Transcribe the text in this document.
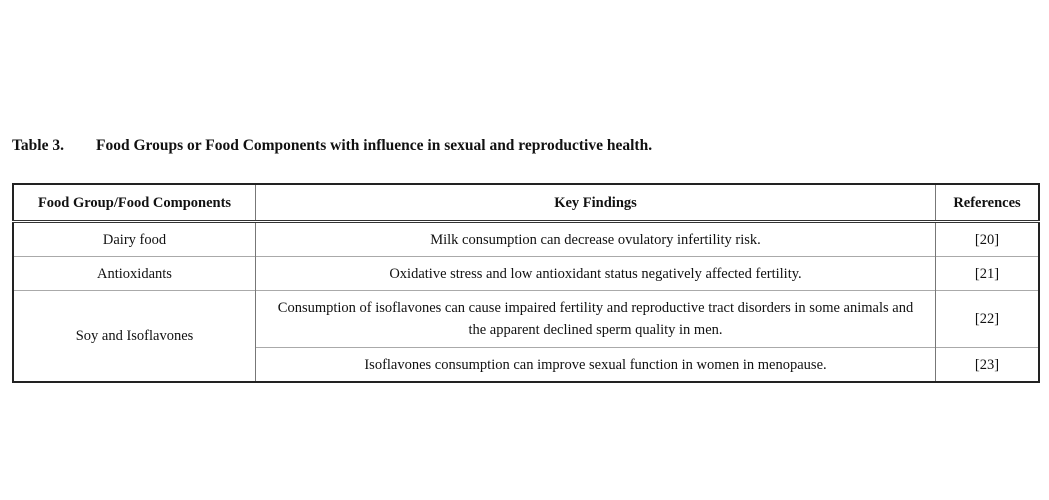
Table 3. Food Groups or Food Components with influence in sexual and reproductive health.
Food Group/Food Components	Key Findings	References
Dairy food	Milk consumption can decrease ovulatory infertility risk.	[20]
Antioxidants	Oxidative stress and low antioxidant status negatively affected fertility.	[21]
Soy and Isoflavones	Consumption of isoflavones can cause impaired fertility and reproductive tract disorders in some animals and the apparent declined sperm quality in men.	[22]
	Isoflavones consumption can improve sexual function in women in menopause.	[23]
